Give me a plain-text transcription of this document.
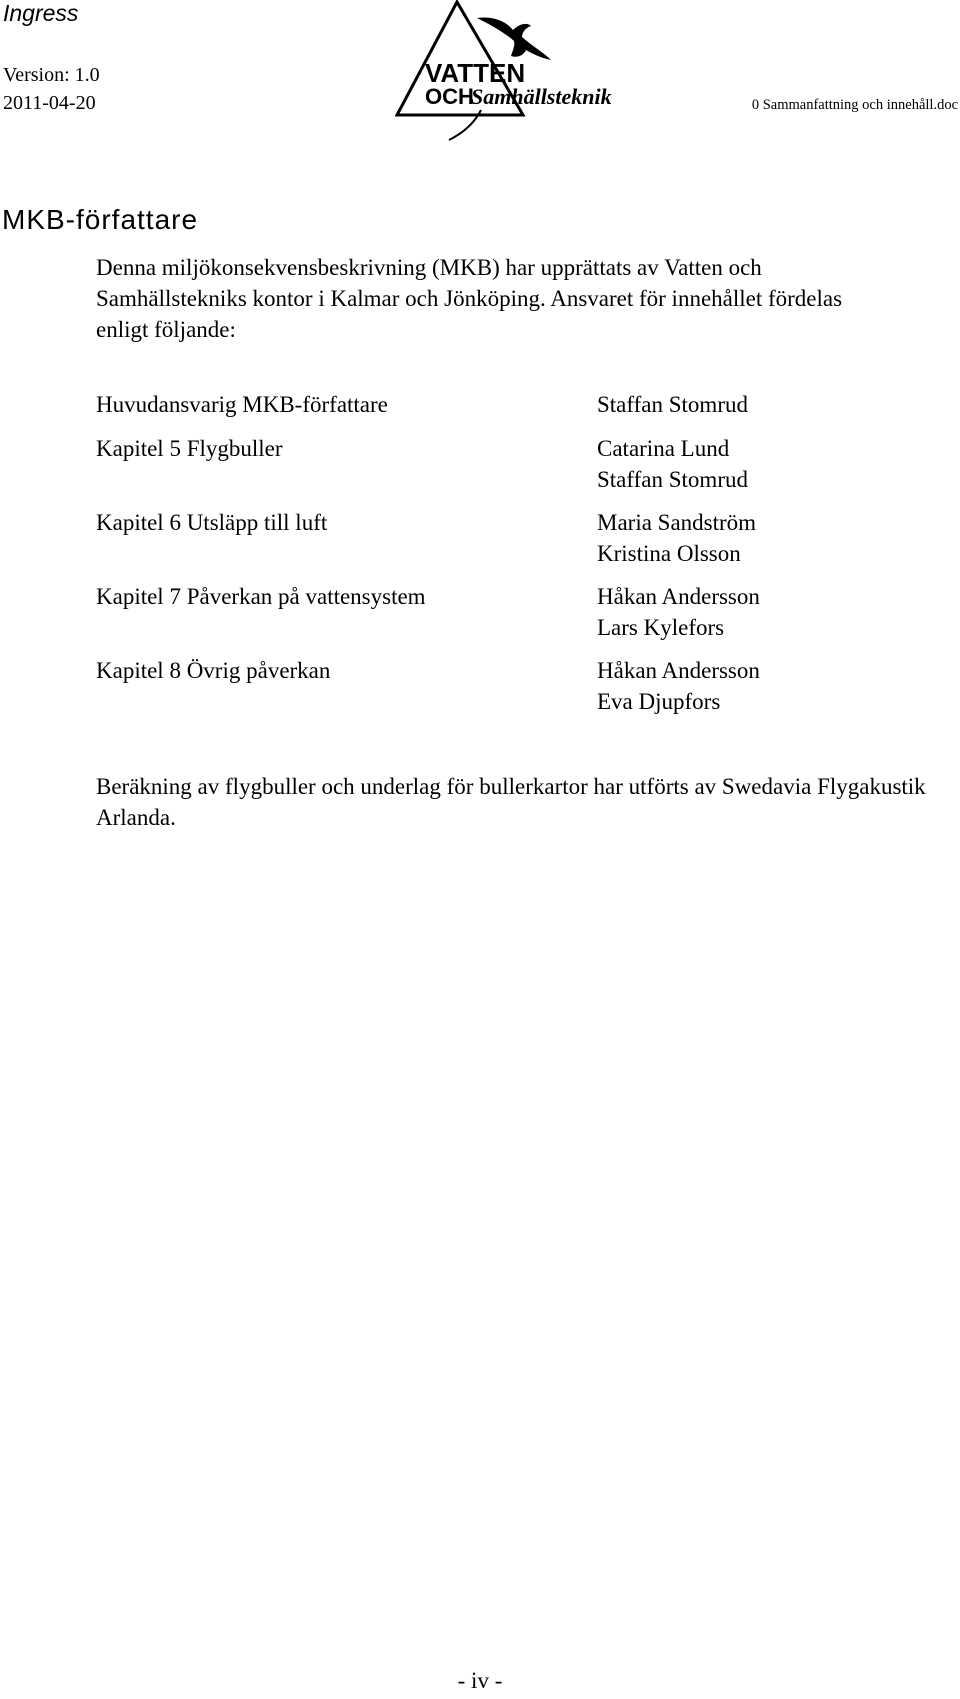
Ingress
Version: 1.0
2011-04-20	0 Sammanfattning och innehåll.doc
VATTEN
OCH
Samhällsteknik
MKB-författare
Denna miljökonsekvensbeskrivning (MKB) har upprättats av Vatten och Samhällstekniks kontor i Kalmar och Jönköping. Ansvaret för innehållet fördelas enligt följande:
Huvudansvarig MKB-författare	Staffan Stomrud
Kapitel 5 Flygbuller	Catarina Lund
Staffan Stomrud
Kapitel 6 Utsläpp till luft	Maria Sandström
Kristina Olsson
Kapitel 7 Påverkan på vattensystem	Håkan Andersson
Lars Kylefors
Kapitel 8 Övrig påverkan	Håkan Andersson
Eva Djupfors
Beräkning av flygbuller och underlag för bullerkartor har utförts av Swedavia Flygakustik Arlanda.
- iv -
